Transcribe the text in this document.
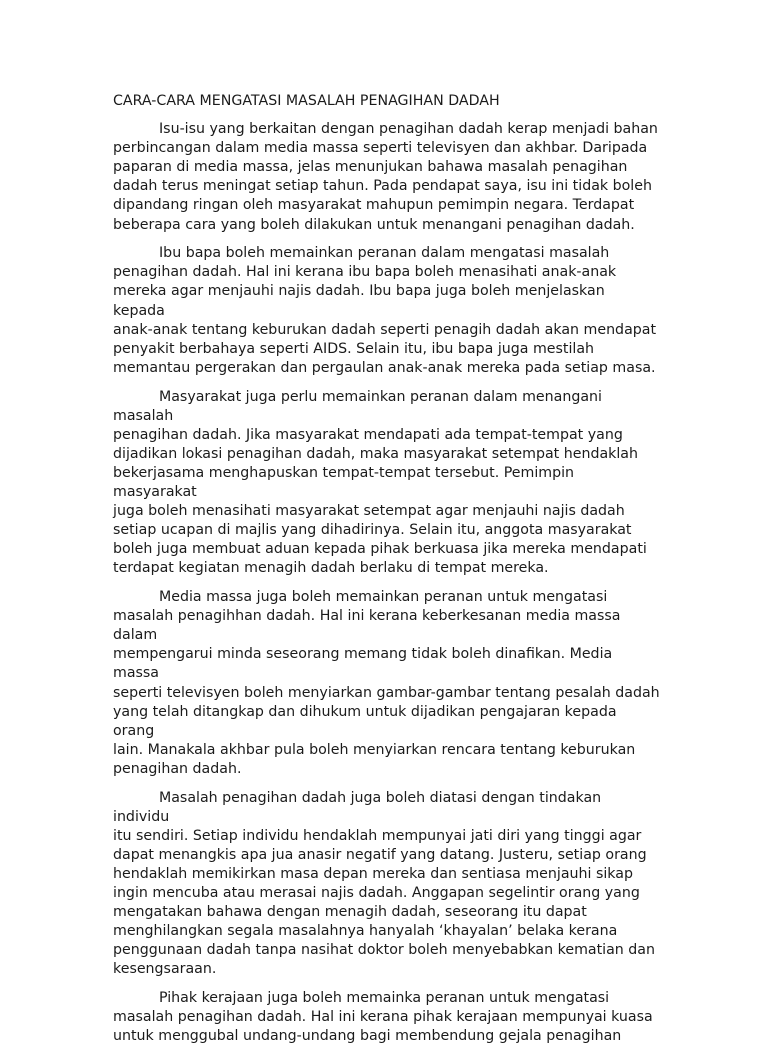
CARA-CARA MENGATASI MASALAH PENAGIHAN DADAH

Isu-isu yang berkaitan dengan penagihan dadah kerap menjadi bahan
perbincangan dalam media massa seperti televisyen dan akhbar. Daripada
paparan di media massa, jelas menunjukan bahawa masalah penagihan
dadah terus meningat setiap tahun. Pada pendapat saya, isu ini tidak boleh
dipandang ringan oleh masyarakat mahupun pemimpin negara. Terdapat
beberapa cara yang boleh dilakukan untuk menangani penagihan dadah.

Ibu bapa boleh memainkan peranan dalam mengatasi masalah
penagihan dadah. Hal ini kerana ibu bapa boleh menasihati anak-anak
mereka agar menjauhi najis dadah. Ibu bapa juga boleh menjelaskan kepada
anak-anak tentang keburukan dadah seperti penagih dadah akan mendapat
penyakit berbahaya seperti AIDS. Selain itu, ibu bapa juga mestilah
memantau pergerakan dan pergaulan anak-anak mereka pada setiap masa.

Masyarakat juga perlu memainkan peranan dalam menangani masalah
penagihan dadah. Jika masyarakat mendapati ada tempat-tempat yang
dijadikan lokasi penagihan dadah, maka masyarakat setempat hendaklah
bekerjasama menghapuskan tempat-tempat tersebut. Pemimpin masyarakat
juga boleh menasihati masyarakat setempat agar menjauhi najis dadah
setiap ucapan di majlis yang dihadirinya. Selain itu, anggota masyarakat
boleh juga membuat aduan kepada pihak berkuasa jika mereka mendapati
terdapat kegiatan menagih dadah berlaku di tempat mereka.

Media massa juga boleh memainkan peranan untuk mengatasi
masalah penagihhan dadah. Hal ini kerana keberkesanan media massa dalam
mempengarui minda seseorang memang tidak boleh dinafikan. Media massa
seperti televisyen boleh menyiarkan gambar-gambar tentang pesalah dadah
yang telah ditangkap dan dihukum untuk dijadikan pengajaran kepada orang
lain. Manakala akhbar pula boleh menyiarkan rencara tentang keburukan
penagihan dadah.

Masalah penagihan dadah juga boleh diatasi dengan tindakan individu
itu sendiri. Setiap individu hendaklah mempunyai jati diri yang tinggi agar
dapat menangkis apa jua anasir negatif yang datang. Justeru, setiap orang
hendaklah memikirkan masa depan mereka dan sentiasa menjauhi sikap
ingin mencuba atau merasai najis dadah. Anggapan segelintir orang yang
mengatakan bahawa dengan menagih dadah, seseorang itu dapat
menghilangkan segala masalahnya hanyalah ‘khayalan’ belaka kerana
penggunaan dadah tanpa nasihat doktor boleh menyebabkan kematian dan
kesengsaraan.

Pihak kerajaan juga boleh memainka peranan untuk mengatasi
masalah penagihan dadah. Hal ini kerana pihak kerajaan mempunyai kuasa
untuk menggubal undang-undang bagi membendung gejala penagihan
